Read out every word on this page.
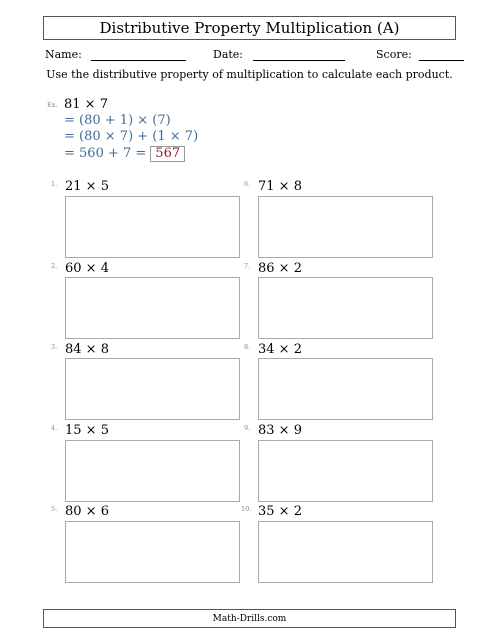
Distributive Property Multiplication (A)
Name:	Date:	Score:
Use the distributive property of multiplication to calculate each product.
Ex. 81 × 7
= (80 + 1) × (7)
= (80 × 7) + (1 × 7)
= 560 + 7 = 567
1. 21 × 5
2. 60 × 4
3. 84 × 8
4. 15 × 5
5. 80 × 6
6. 71 × 8
7. 86 × 2
8. 34 × 2
9. 83 × 9
10. 35 × 2
Math-Drills.com
